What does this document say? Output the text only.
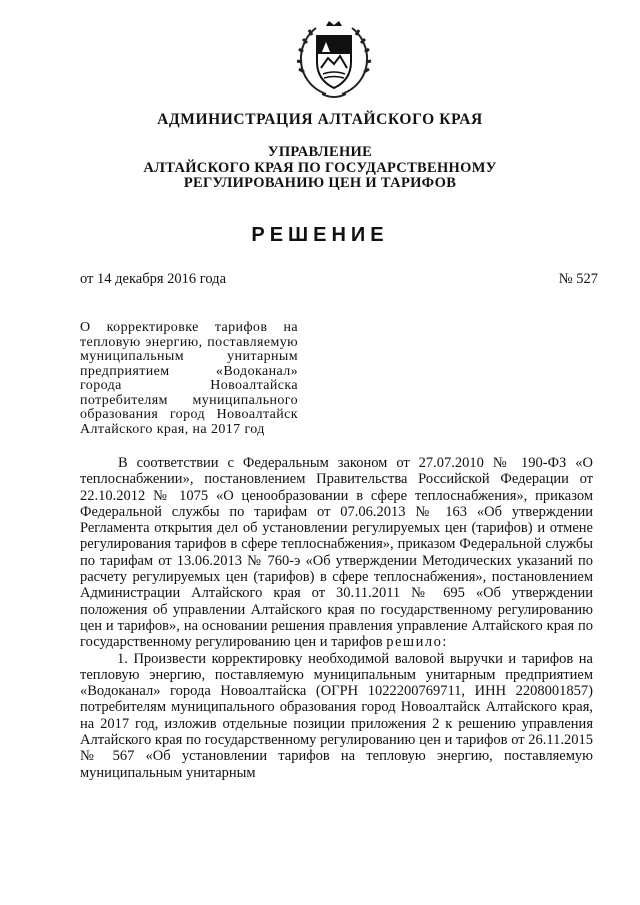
АДМИНИСТРАЦИЯ АЛТАЙСКОГО КРАЯ
УПРАВЛЕНИЕ
АЛТАЙСКОГО КРАЯ ПО ГОСУДАРСТВЕННОМУ
РЕГУЛИРОВАНИЮ ЦЕН И ТАРИФОВ
РЕШЕНИЕ
от 14 декабря 2016 года	№ 527
О корректировке тарифов на тепловую энергию, поставляемую муниципальным унитарным предприятием «Водоканал» города Новоалтайска потребителям муниципального образования город Новоалтайск Алтайского края, на 2017 год

В соответствии с Федеральным законом от 27.07.2010 № 190-ФЗ «О теплоснабжении», постановлением Правительства Российской Федерации от 22.10.2012 № 1075 «О ценообразовании в сфере теплоснабжения», приказом Федеральной службы по тарифам от 07.06.2013 № 163 «Об утверждении Регламента открытия дел об установлении регулируемых цен (тарифов) и отмене регулирования тарифов в сфере теплоснабжения», приказом Федеральной службы по тарифам от 13.06.2013 № 760-э «Об утверждении Методических указаний по расчету регулируемых цен (тарифов) в сфере теплоснабжения», постановлением Администрации Алтайского края от 30.11.2011 № 695 «Об утверждении положения об управлении Алтайского края по государственному регулированию цен и тарифов», на основании решения правления управление Алтайского края по государственному регулированию цен и тарифов решило:

1. Произвести корректировку необходимой валовой выручки и тарифов на тепловую энергию, поставляемую муниципальным унитарным предприятием «Водоканал» города Новоалтайска (ОГРН 1022200769711, ИНН 2208001857) потребителям муниципального образования город Новоалтайск Алтайского края, на 2017 год, изложив отдельные позиции приложения 2 к решению управления Алтайского края по государственному регулированию цен и тарифов от 26.11.2015 № 567 «Об установлении тарифов на тепловую энергию, поставляемую муниципальным унитарным
